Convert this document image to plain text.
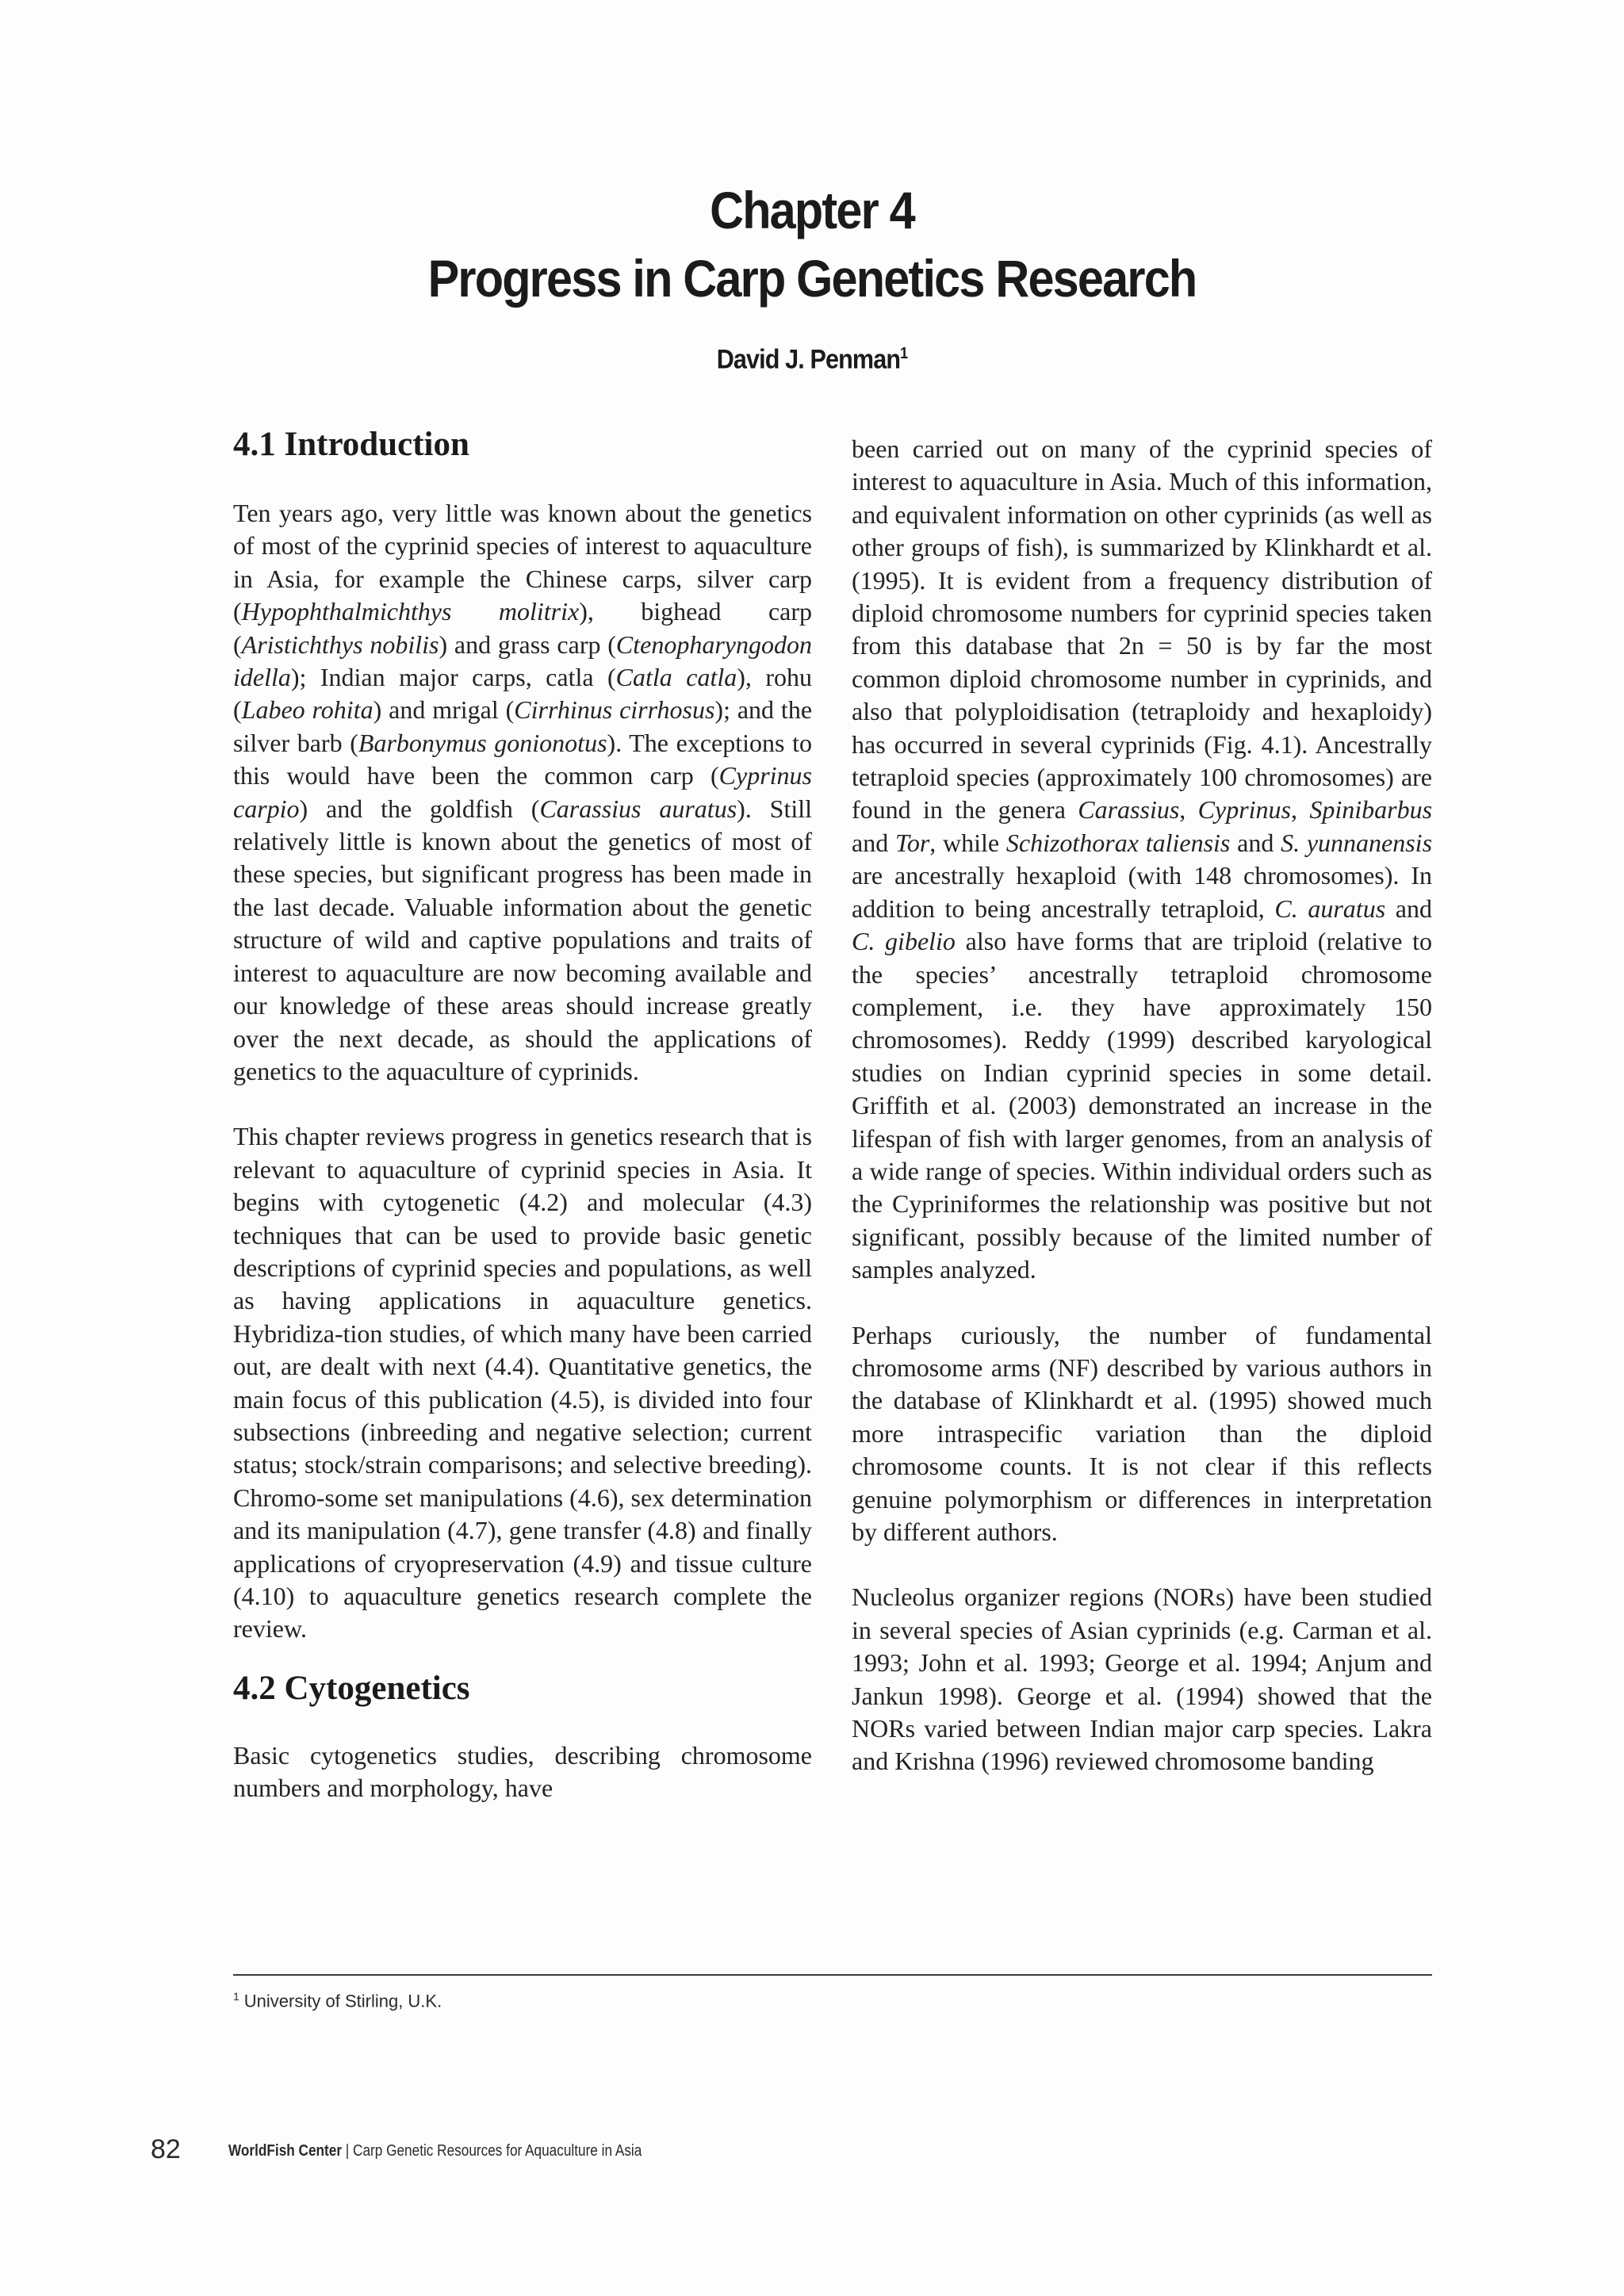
Chapter 4
Progress in Carp Genetics Research
David J. Penman$^1$
4.1 Introduction

Ten years ago, very little was known about the genetics of most of the cyprinid species of interest to aquaculture in Asia, for example the Chinese carps, silver carp (Hypophthalmichthys molitrix), bighead carp (Aristichthys nobilis) and grass carp (Ctenopharyngodon idella); Indian major carps, catla (Catla catla), rohu (Labeo rohita) and mrigal (Cirrhinus cirrhosus); and the silver barb (Barbonymus gonionotus). The exceptions to this would have been the common carp (Cyprinus carpio) and the goldfish (Carassius auratus). Still relatively little is known about the genetics of most of these species, but significant progress has been made in the last decade. Valuable information about the genetic structure of wild and captive populations and traits of interest to aquaculture are now becoming available and our knowledge of these areas should increase greatly over the next decade, as should the applications of genetics to the aquaculture of cyprinids.

This chapter reviews progress in genetics research that is relevant to aquaculture of cyprinid species in Asia. It begins with cytogenetic (4.2) and molecular (4.3) techniques that can be used to provide basic genetic descriptions of cyprinid species and populations, as well as having applications in aquaculture genetics. Hybridiza-tion studies, of which many have been carried out, are dealt with next (4.4). Quantitative genetics, the main focus of this publication (4.5), is divided into four subsections (inbreeding and negative selection; current status; stock/strain comparisons; and selective breeding). Chromo-some set manipulations (4.6), sex determination and its manipulation (4.7), gene transfer (4.8) and finally applications of cryopreservation (4.9) and tissue culture (4.10) to aquaculture genetics research complete the review.

4.2 Cytogenetics

Basic cytogenetics studies, describing chromosome numbers and morphology, have

been carried out on many of the cyprinid species of interest to aquaculture in Asia. Much of this information, and equivalent information on other cyprinids (as well as other groups of fish), is summarized by Klinkhardt et al. (1995). It is evident from a frequency distribution of diploid chromosome numbers for cyprinid species taken from this database that 2n = 50 is by far the most common diploid chromosome number in cyprinids, and also that polyploidisation (tetraploidy and hexaploidy) has occurred in several cyprinids (Fig. 4.1). Ancestrally tetraploid species (approximately 100 chromosomes) are found in the genera Carassius, Cyprinus, Spinibarbus and Tor, while Schizothorax taliensis and S. yunnanensis are ancestrally hexaploid (with 148 chromosomes). In addition to being ancestrally tetraploid, C. auratus and C. gibelio also have forms that are triploid (relative to the species’ ancestrally tetraploid chromosome complement, i.e. they have approximately 150 chromosomes). Reddy (1999) described karyological studies on Indian cyprinid species in some detail. Griffith et al. (2003) demonstrated an increase in the lifespan of fish with larger genomes, from an analysis of a wide range of species. Within individual orders such as the Cypriniformes the relationship was positive but not significant, possibly because of the limited number of samples analyzed.

Perhaps curiously, the number of fundamental chromosome arms (NF) described by various authors in the database of Klinkhardt et al. (1995) showed much more intraspecific variation than the diploid chromosome counts. It is not clear if this reflects genuine polymorphism or differences in interpretation by different authors.

Nucleolus organizer regions (NORs) have been studied in several species of Asian cyprinids (e.g. Carman et al. 1993; John et al. 1993; George et al. 1994; Anjum and Jankun 1998). George et al. (1994) showed that the NORs varied between Indian major carp species. Lakra and Krishna (1996) reviewed chromosome banding

$^1$ University of Stirling, U.K.
82	WorldFish Center | Carp Genetic Resources for Aquaculture in Asia
